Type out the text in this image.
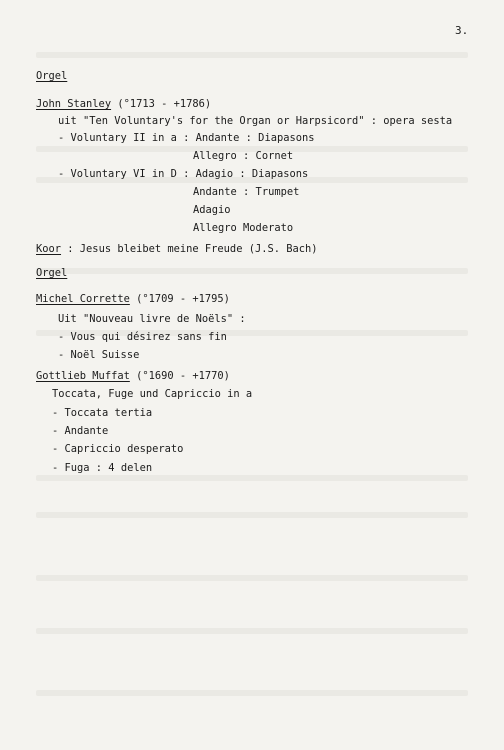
3.
Orgel
John Stanley (°1713 - +1786)
uit "Ten Voluntary's for the Organ or Harpsicord" : opera sesta
- Voluntary II in a : Andante : Diapasons
Allegro : Cornet
- Voluntary VI in D : Adagio : Diapasons
Andante : Trumpet
Adagio
Allegro Moderato
Koor : Jesus bleibet meine Freude (J.S. Bach)
Orgel
Michel Corrette (°1709 - +1795)
Uit "Nouveau livre de Noëls" :
- Vous qui désirez sans fin
- Noël Suisse
Gottlieb Muffat (°1690 - +1770)
Toccata, Fuge und Capriccio in a
- Toccata tertia
- Andante
- Capriccio desperato
- Fuga : 4 delen
